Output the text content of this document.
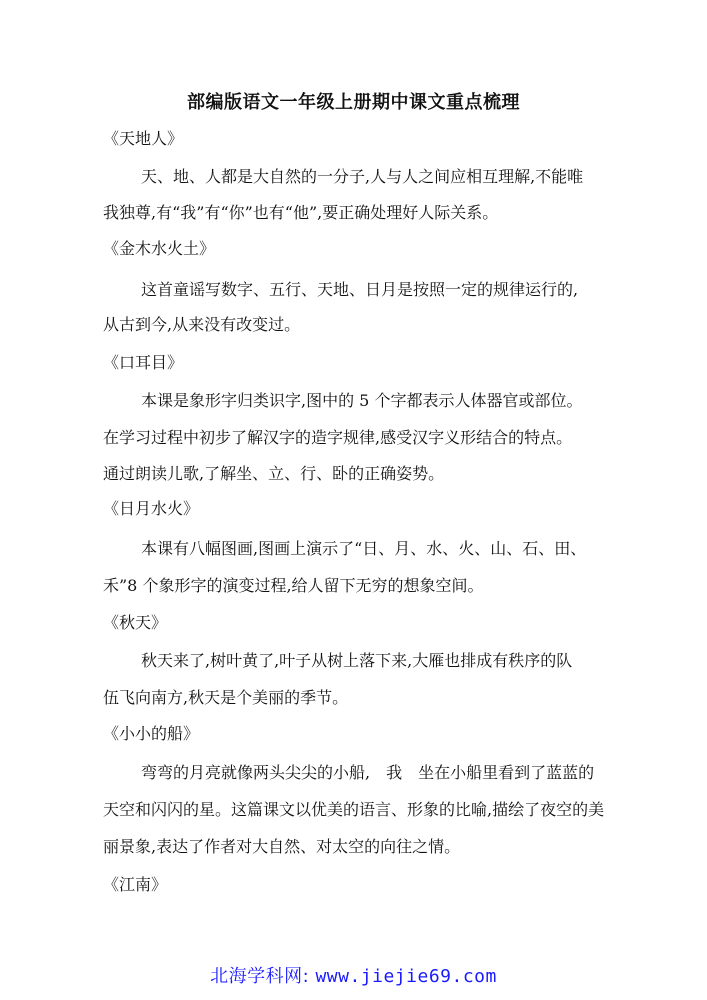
部编版语文一年级上册期中课文重点梳理
《天地人》
天、地、人都是大自然的一分子,人与人之间应相互理解,不能唯
我独尊,有“我”有“你”也有“他”,要正确处理好人际关系。
《金木水火土》
这首童谣写数字、五行、天地、日月是按照一定的规律运行的,
从古到今,从来没有改变过。
《口耳目》
本课是象形字归类识字,图中的 5 个字都表示人体器官或部位。
在学习过程中初步了解汉字的造字规律,感受汉字义形结合的特点。
通过朗读儿歌,了解坐、立、行、卧的正确姿势。
《日月水火》
本课有八幅图画,图画上演示了“日、月、水、火、山、石、田、
禾”8 个象形字的演变过程,给人留下无穷的想象空间。
《秋天》
秋天来了,树叶黄了,叶子从树上落下来,大雁也排成有秩序的队
伍飞向南方,秋天是个美丽的季节。
《小小的船》
弯弯的月亮就像两头尖尖的小船,　我　坐在小船里看到了蓝蓝的
天空和闪闪的星。这篇课文以优美的语言、形象的比喻,描绘了夜空的美
丽景象,表达了作者对大自然、对太空的向往之情。
《江南》
北海学科网: www.jiejie69.com
